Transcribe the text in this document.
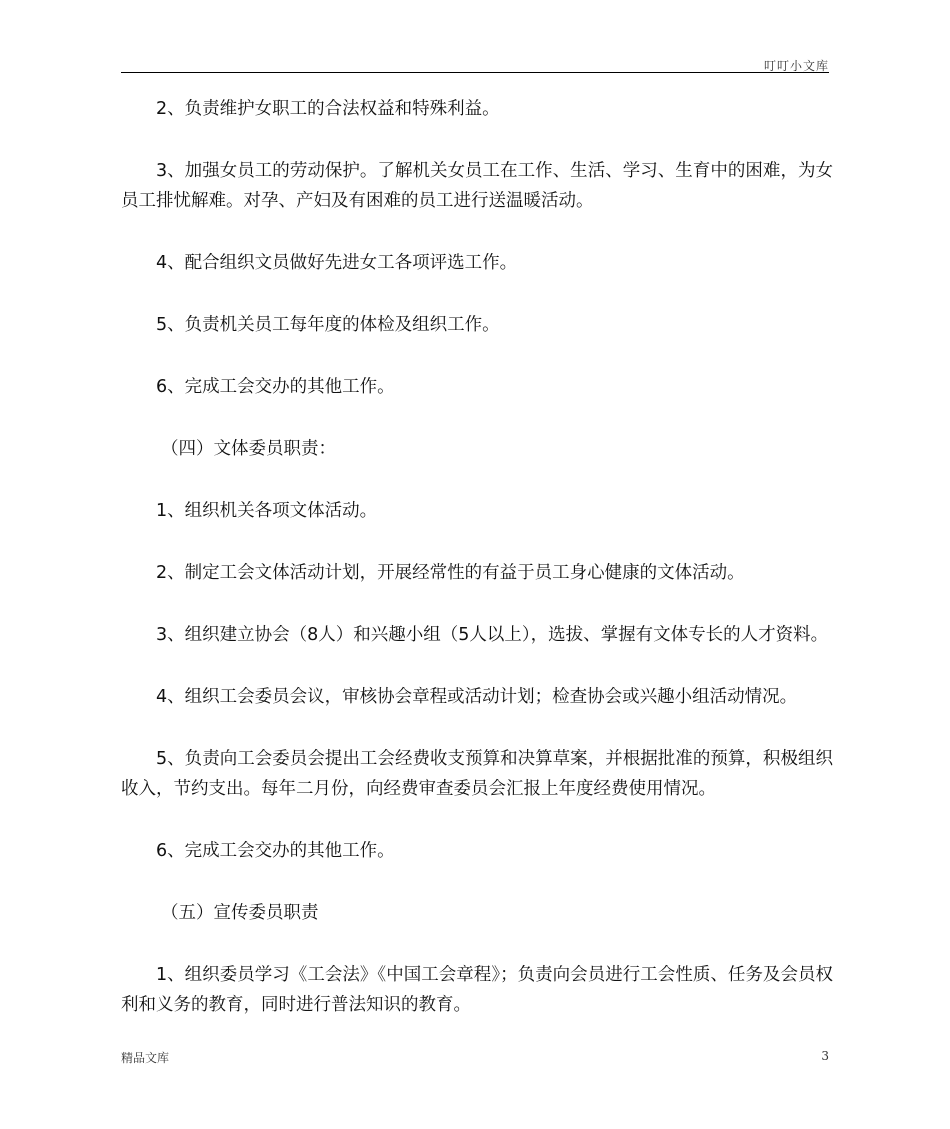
叮叮小文库

2、负责维护女职工的合法权益和特殊利益。

3、加强女员工的劳动保护。了解机关女员工在工作、生活、学习、生育中的困难，为女员工排忧解难。对孕、产妇及有困难的员工进行送温暖活动。

4、配合组织文员做好先进女工各项评选工作。

5、负责机关员工每年度的体检及组织工作。

6、完成工会交办的其他工作。

（四）文体委员职责：

1、组织机关各项文体活动。

2、制定工会文体活动计划，开展经常性的有益于员工身心健康的文体活动。

3、组织建立协会（8人）和兴趣小组（5人以上），选拔、掌握有文体专长的人才资料。

4、组织工会委员会议，审核协会章程或活动计划；检查协会或兴趣小组活动情况。

5、负责向工会委员会提出工会经费收支预算和决算草案，并根据批准的预算，积极组织收入，节约支出。每年二月份，向经费审查委员会汇报上年度经费使用情况。

6、完成工会交办的其他工作。

（五）宣传委员职责

1、组织委员学习《工会法》《中国工会章程》；负责向会员进行工会性质、任务及会员权利和义务的教育，同时进行普法知识的教育。

精品文库	3
